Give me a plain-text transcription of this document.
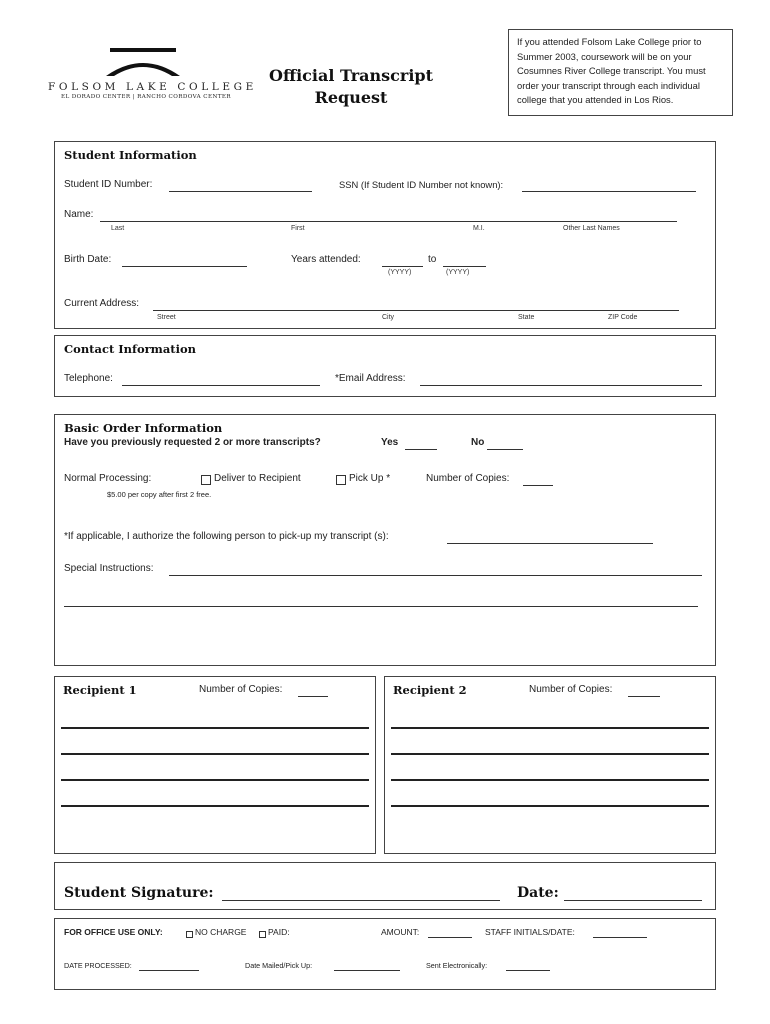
FOLSOM LAKE COLLEGE
EL DORADO CENTER | RANCHO CORDOVA CENTER
Official Transcript
Request
If you attended Folsom Lake College prior to Summer 2003, coursework will be on your Cosumnes River College transcript. You must order your transcript through each individual college that you attended in Los Rios.
Student Information
Student ID Number:	SSN (If Student ID Number not known):
Name:
Last	First	M.I.	Other Last Names
Birth Date:	Years attended:	to
(YYYY)	(YYYY)
Current Address:
Street	City	State	ZIP Code
Contact Information
Telephone:	*Email Address:
Basic Order Information
Have you previously requested 2 or more transcripts?	Yes	No
Normal Processing:
$5.00 per copy after first 2 free.
Deliver to Recipient	Pick Up *	Number of Copies:
*If applicable, I authorize the following person to pick-up my transcript (s):
Special Instructions:
Recipient 1	Number of Copies:	Recipient 2	Number of Copies:
Student Signature:	Date:
FOR OFFICE USE ONLY:	NO CHARGE	PAID:	AMOUNT:	STAFF INITIALS/DATE:
DATE PROCESSED:	Date Mailed/Pick Up:	Sent Electronically:
